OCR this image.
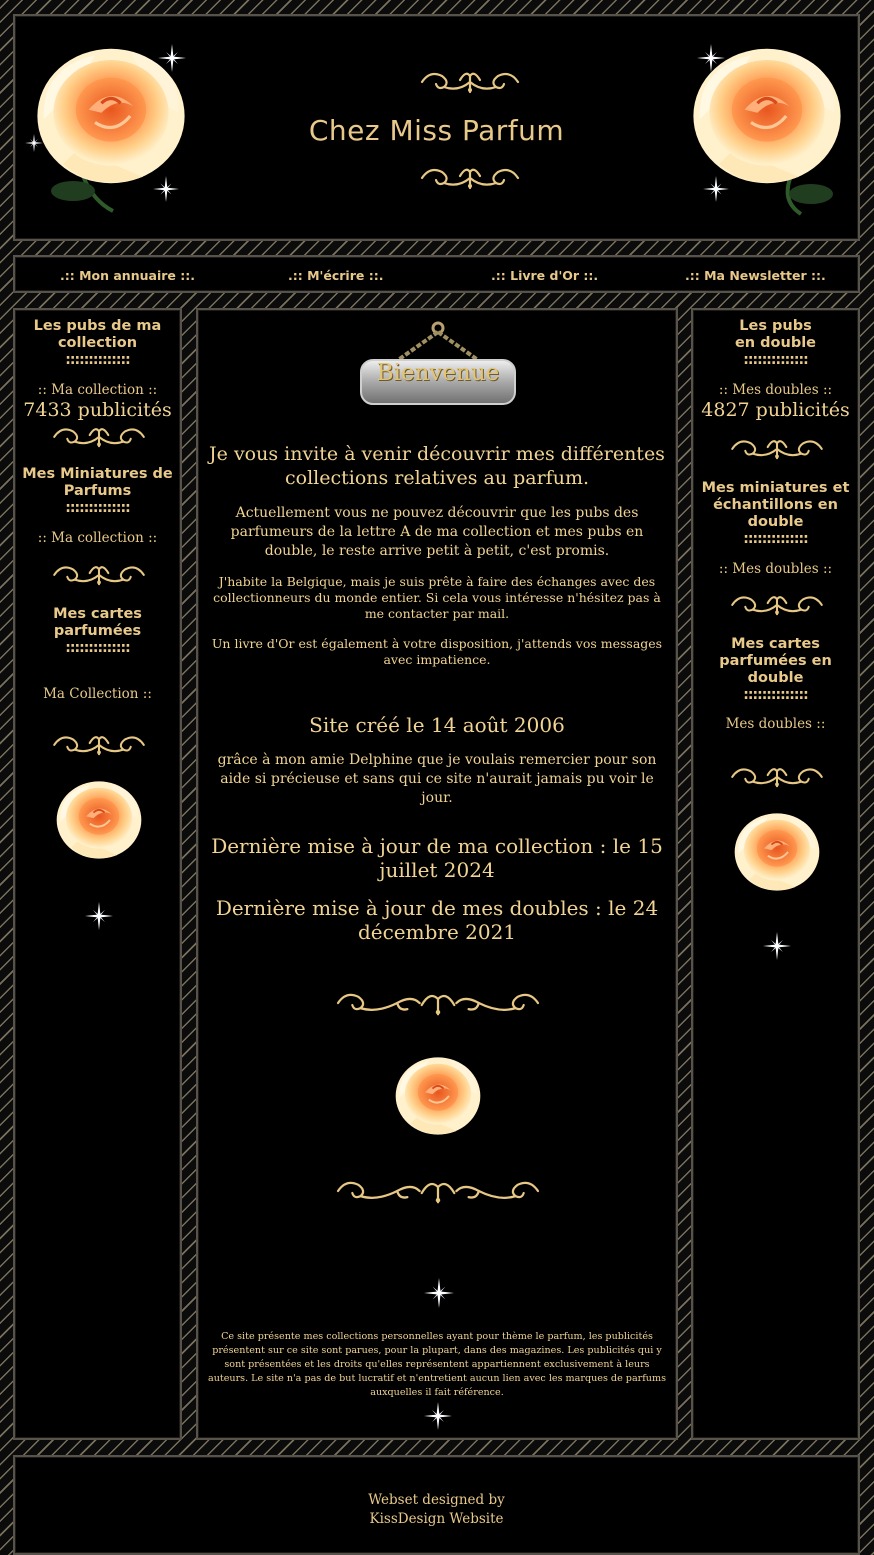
Chez Miss Parfum
.:: Mon annuaire ::.	.:: M'écrire ::.	.:: Livre d'Or ::.	.:: Ma Newsletter ::.
Les pubs de ma
collection
::::::::::::::
:: Ma collection ::
7433 publicités
Mes Miniatures de
Parfums
::::::::::::::
:: Ma collection ::
Mes cartes
parfumées
::::::::::::::
Ma Collection ::
Bienvenue
Je vous invite à venir découvrir mes différentes collections relatives au parfum.
Actuellement vous ne pouvez découvrir que les pubs des parfumeurs de la lettre A de ma collection et mes pubs en double, le reste arrive petit à petit, c'est promis.
J'habite la Belgique, mais je suis prête à faire des échanges avec des collectionneurs du monde entier. Si cela vous intéresse n'hésitez pas à me contacter par mail.
Un livre d'Or est également à votre disposition, j'attends vos messages avec impatience.
Site créé le 14 août 2006
grâce à mon amie Delphine que je voulais remercier pour son aide si précieuse et sans qui ce site n'aurait jamais pu voir le jour.
Dernière mise à jour de ma collection : le 15 juillet 2024
Dernière mise à jour de mes doubles : le 24 décembre 2021
Ce site présente mes collections personnelles ayant pour thème le parfum, les publicités présentent sur ce site sont parues, pour la plupart, dans des magazines. Les publicités qui y sont présentées et les droits qu'elles représentent appartiennent exclusivement à leurs auteurs. Le site n'a pas de but lucratif et n'entretient aucun lien avec les marques de parfums auxquelles il fait référence.
Les pubs
en double
::::::::::::::
:: Mes doubles ::
4827 publicités
Mes miniatures et
échantillons en
double
::::::::::::::
:: Mes doubles ::
Mes cartes
parfumées en
double
::::::::::::::
Mes doubles ::
Webset designed by
KissDesign Website
